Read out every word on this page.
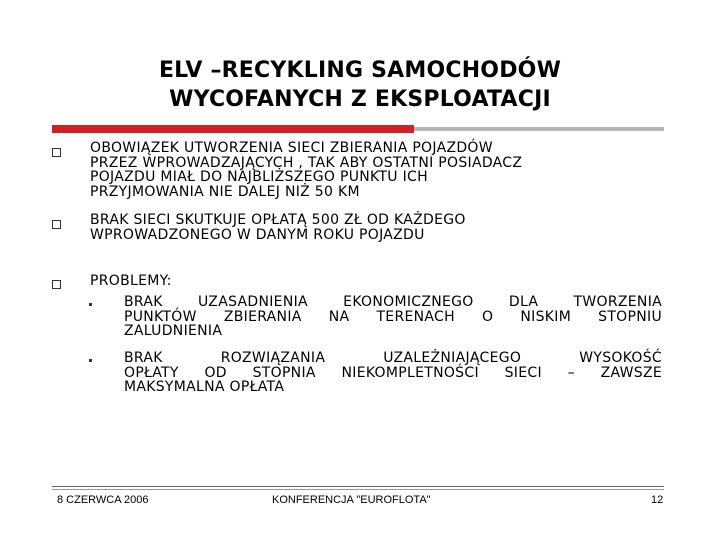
ELV –RECYKLING SAMOCHODÓW
WYCOFANYCH Z EKSPLOATACJI
OBOWIĄZEK UTWORZENIA SIECI ZBIERANIA POJAZDÓW
PRZEZ WPROWADZAJĄCYCH , TAK ABY OSTATNI POSIADACZ
POJAZDU MIAŁ DO NAJBLIŻSZEGO PUNKTU ICH
PRZYJMOWANIA NIE DALEJ NIŻ 50 KM
BRAK SIECI SKUTKUJE OPŁATĄ 500 ZŁ OD KAŻDEGO
WPROWADZONEGO W DANYM ROKU POJAZDU
PROBLEMY:
BRAK UZASADNIENIA EKONOMICZNEGO DLA TWORZENIA
PUNKTÓW ZBIERANIA NA TERENACH O NISKIM STOPNIU
ZALUDNIENIA
BRAK ROZWIĄZANIA UZALEŻNIAJĄCEGO WYSOKOŚĆ
OPŁATY OD STOPNIA NIEKOMPLETNOŚCI SIECI – ZAWSZE
MAKSYMALNA OPŁATA
8 CZERWCA 2006	KONFERENCJA "EUROFLOTA"	12
